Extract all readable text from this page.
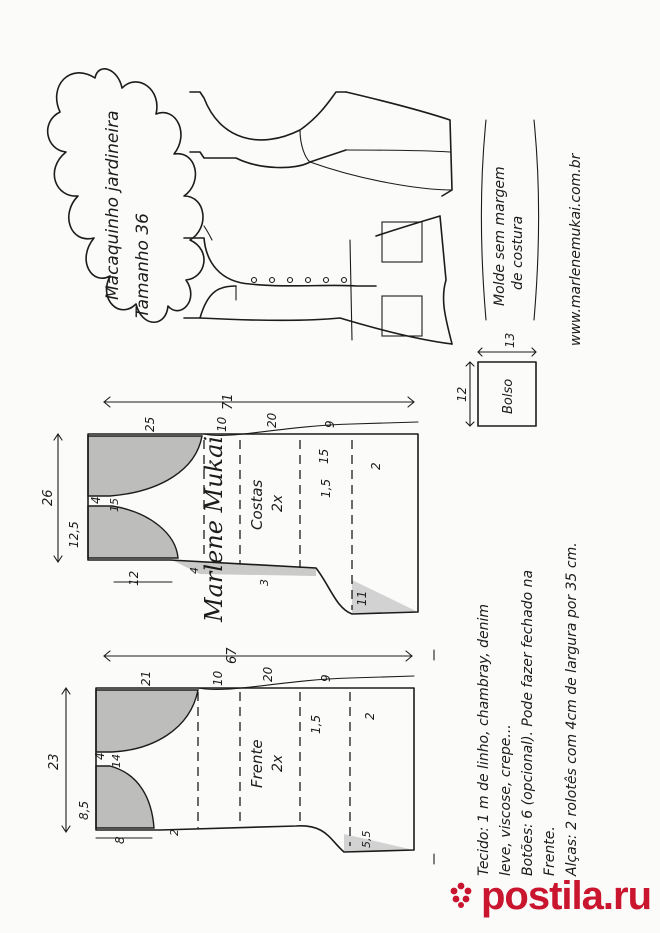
Macaquinho jardineira Tamanho 36	Molde sem margem de costura	www.marlenemukai.com.br
Bolso
12
13
71
26	Costas 2x
25	10	20	9
15
1,5
2
12,5
4 15
12
4
3
11
Marlene Mukai
67
23	Frente 2x
21	10	20	9
1,5	2
8,5
4 14
8
2	5,5	Tecido: 1 m de linho, chambray, denim leve, viscose, crepe... Botões: 6 (opcional). Pode fazer fechado na Frente. Alças: 2 rolotês com 4cm de largura por 35 cm.
postila.ru
